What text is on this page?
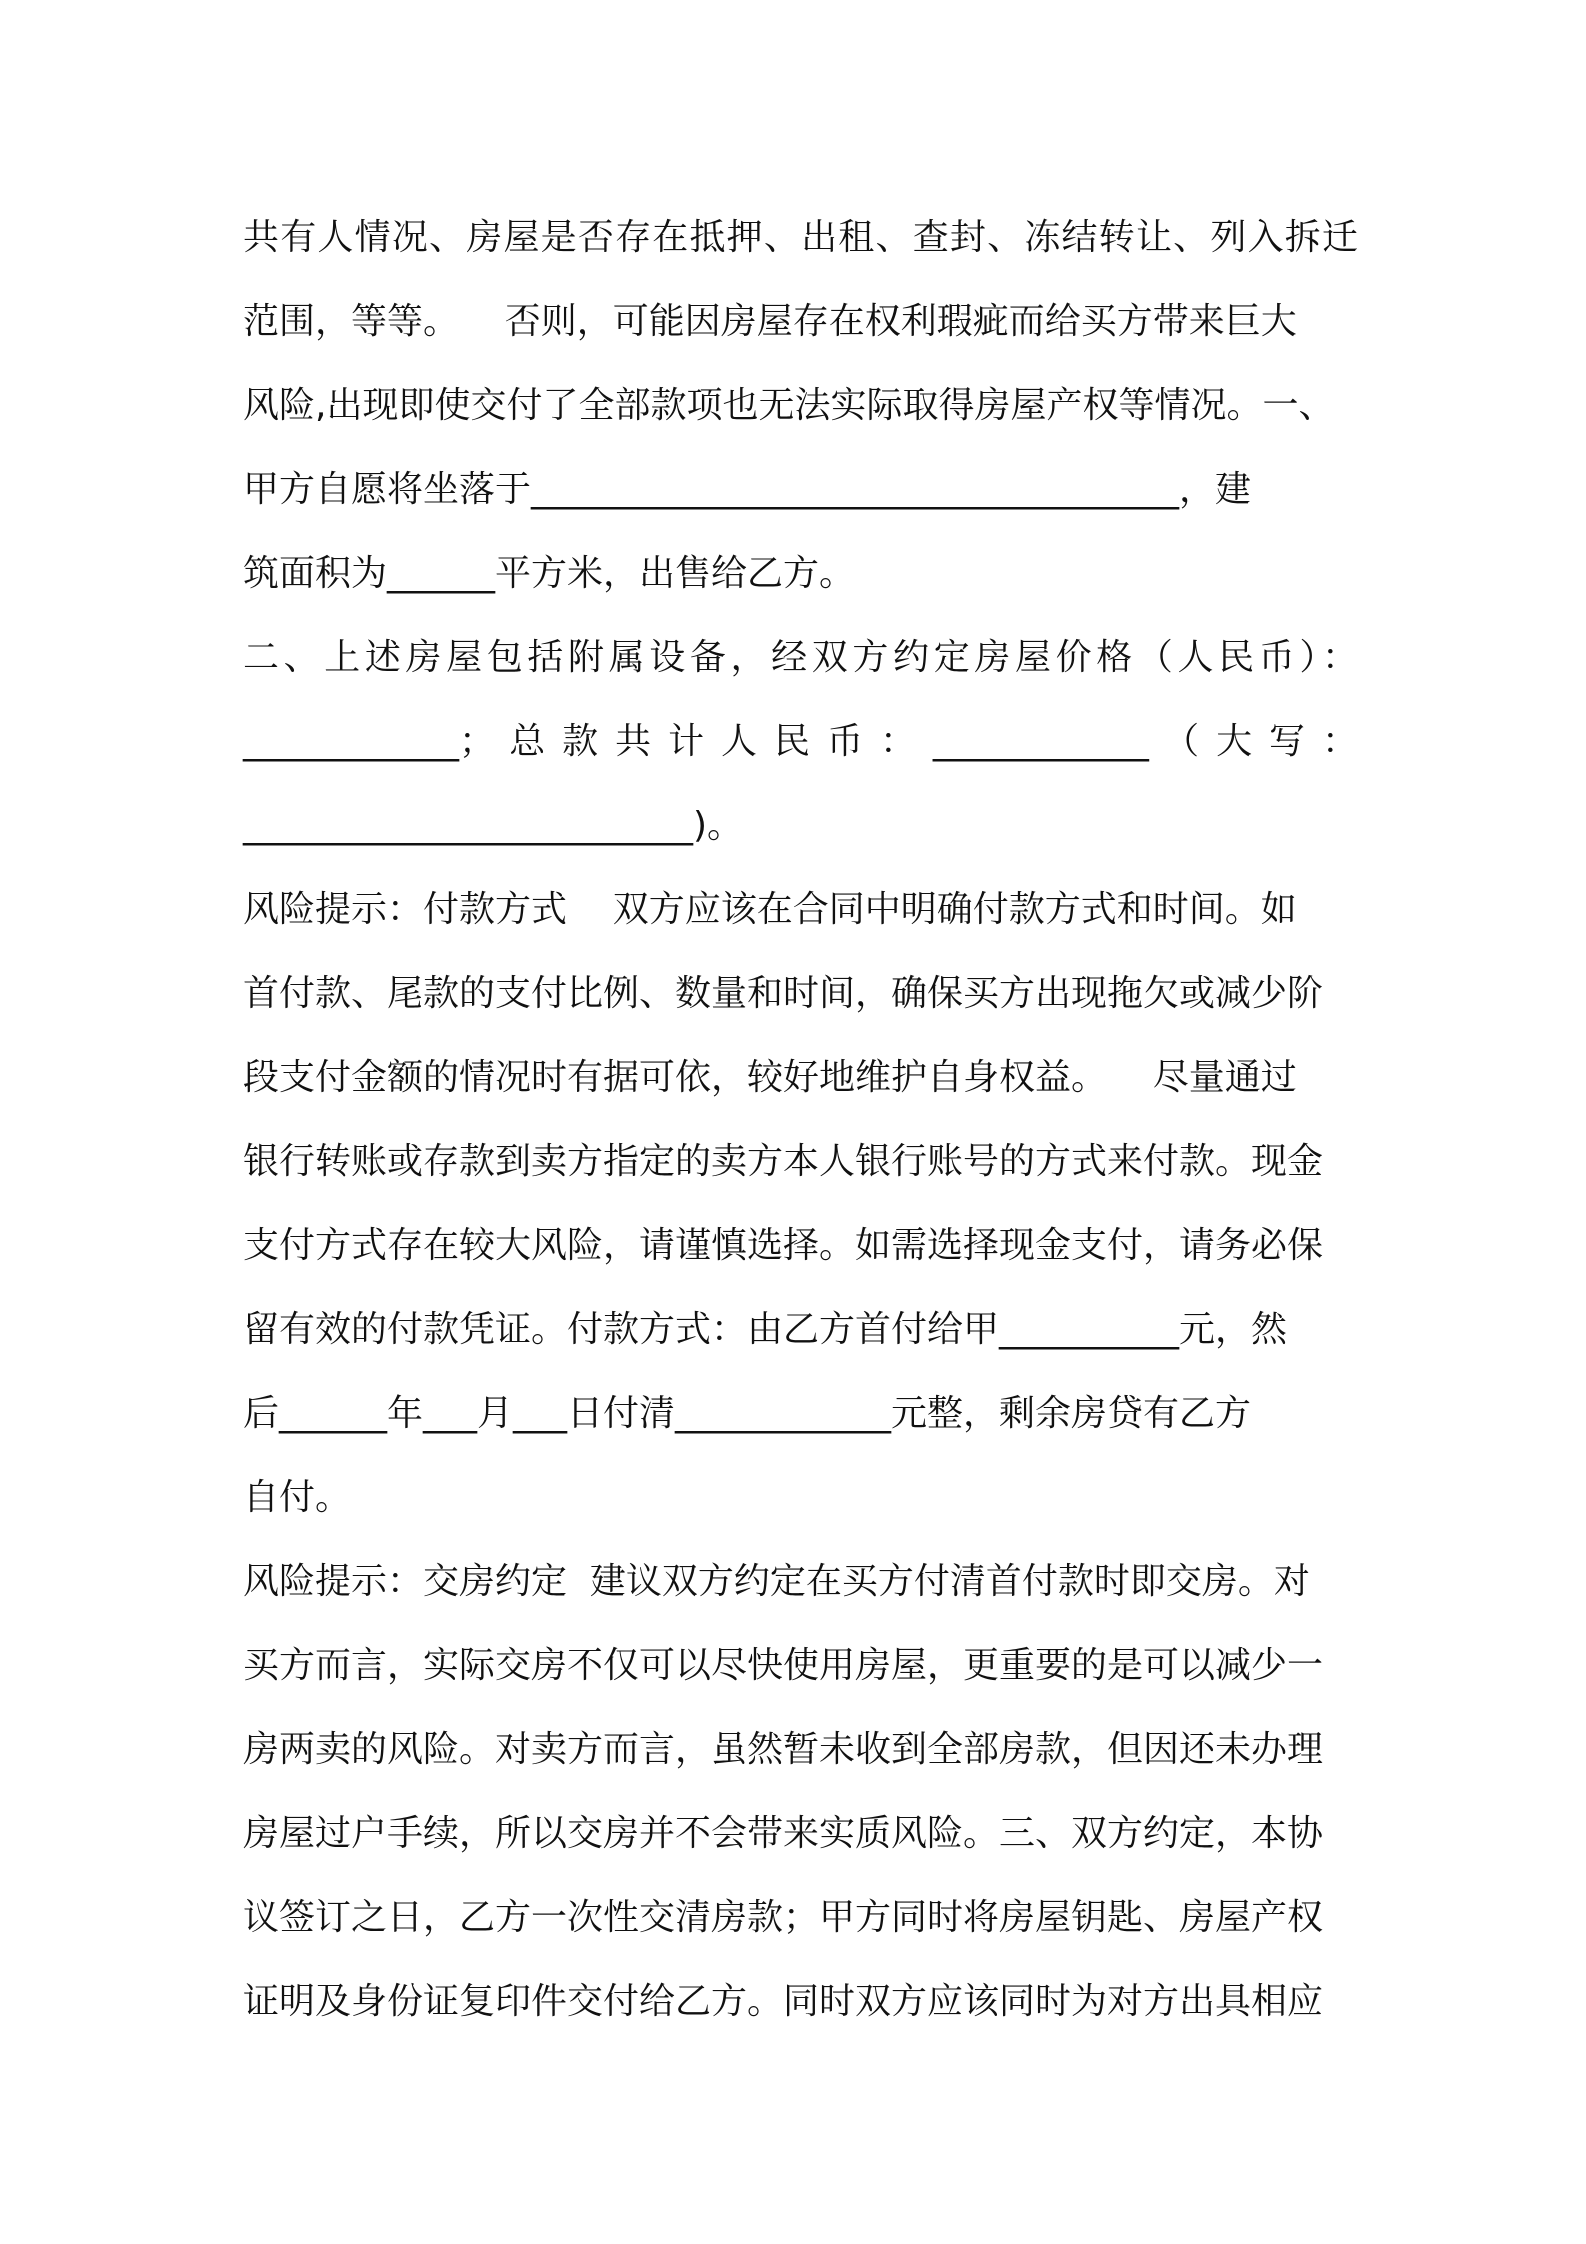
共有人情况、房屋是否存在抵押、出租、查封、冻结转让、列入拆迁
范围，等等。    否则，可能因房屋存在权利瑕疵而给买方带来巨大
风险,出现即使交付了全部款项也无法实际取得房屋产权等情况。一、
甲方自愿将坐落于____________________________________，建
筑面积为______平方米，出售给乙方。
二、上述房屋包括附属设备，经双方约定房屋价格（人民币）：
____________； 总 款 共 计 人 民 币 ： ____________ （ 大 写 ：
_________________________)。
风险提示：付款方式    双方应该在合同中明确付款方式和时间。如
首付款、尾款的支付比例、数量和时间，确保买方出现拖欠或减少阶
段支付金额的情况时有据可依，较好地维护自身权益。    尽量通过
银行转账或存款到卖方指定的卖方本人银行账号的方式来付款。现金
支付方式存在较大风险，请谨慎选择。如需选择现金支付，请务必保
留有效的付款凭证。付款方式：由乙方首付给甲__________元，然
后______年___月___日付清____________元整，剩余房贷有乙方
自付。
风险提示：交房约定  建议双方约定在买方付清首付款时即交房。对
买方而言，实际交房不仅可以尽快使用房屋，更重要的是可以减少一
房两卖的风险。对卖方而言，虽然暂未收到全部房款，但因还未办理
房屋过户手续，所以交房并不会带来实质风险。三、双方约定，本协
议签订之日，乙方一次性交清房款；甲方同时将房屋钥匙、房屋产权
证明及身份证复印件交付给乙方。同时双方应该同时为对方出具相应
